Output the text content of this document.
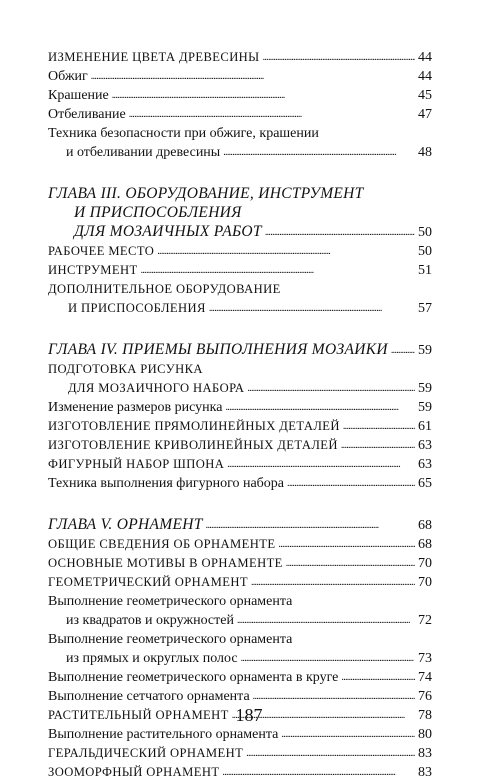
ИЗМЕНЕНИЕ ЦВЕТА ДРЕВЕСИНЫ . . .	44
Обжиг . . .	44
Крашение . . .	45
Отбеливание . . .	47
Техника безопасности при обжиге, крашении
и отбеливании древесины . . .	48
ГЛАВА III. ОБОРУДОВАНИЕ, ИНСТРУМЕНТ
И ПРИСПОСОБЛЕНИЯ
ДЛЯ МОЗАИЧНЫХ РАБОТ . . .	50
РАБОЧЕЕ МЕСТО . . .	50
ИНСТРУМЕНТ . . .	51
ДОПОЛНИТЕЛЬНОЕ ОБОРУДОВАНИЕ
И ПРИСПОСОБЛЕНИЯ . . .	57
ГЛАВА IV. ПРИЕМЫ ВЫПОЛНЕНИЯ МОЗАИКИ . . . 59
ПОДГОТОВКА РИСУНКА
ДЛЯ МОЗАИЧНОГО НАБОРА . . .	59
Изменение размеров рисунка . . .	59
ИЗГОТОВЛЕНИЕ ПРЯМОЛИНЕЙНЫХ ДЕТАЛЕЙ . . .	61
ИЗГОТОВЛЕНИЕ КРИВОЛИНЕЙНЫХ ДЕТАЛЕЙ . . .	63
ФИГУРНЫЙ НАБОР ШПОНА . . .	63
Техника выполнения фигурного набора . . .	65
ГЛАВА V. ОРНАМЕНТ . . .	68
ОБЩИЕ СВЕДЕНИЯ ОБ ОРНАМЕНТЕ . . .	68
ОСНОВНЫЕ МОТИВЫ В ОРНАМЕНТЕ . . .	70
ГЕОМЕТРИЧЕСКИЙ ОРНАМЕНТ . . .	70
Выполнение геометрического орнамента
из квадратов и окружностей . . .	72
Выполнение геометрического орнамента
из прямых и округлых полос . . .	73
Выполнение геометрического орнамента в круге . . .	74
Выполнение сетчатого орнамента . . .	76
РАСТИТЕЛЬНЫЙ ОРНАМЕНТ . . .	78
Выполнение растительного орнамента . . .	80
ГЕРАЛЬДИЧЕСКИЙ ОРНАМЕНТ . . .	83
ЗООМОРФНЫЙ ОРНАМЕНТ . . .	83
187
